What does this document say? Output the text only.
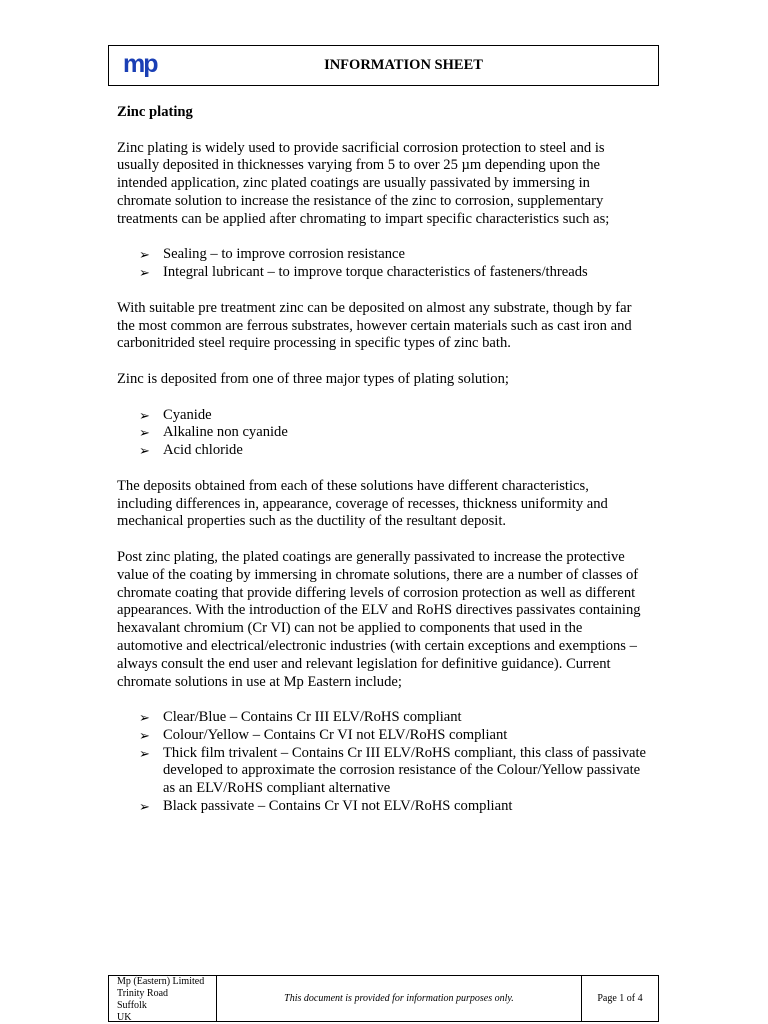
mp	INFORMATION SHEET
Zinc plating

Zinc plating is widely used to provide sacrificial corrosion protection to steel and is usually deposited in thicknesses varying from 5 to over 25 µm depending upon the intended application, zinc plated coatings are usually passivated by immersing in chromate solution to increase the resistance of the zinc to corrosion, supplementary treatments can be applied after chromating to impart specific characteristics such as;

➢ Sealing – to improve corrosion resistance
➢ Integral lubricant – to improve torque characteristics of fasteners/threads

With suitable pre treatment zinc can be deposited on almost any substrate, though by far the most common are ferrous substrates, however certain materials such as cast iron and carbonitrided steel require processing in specific types of zinc bath.

Zinc is deposited from one of three major types of plating solution;

➢ Cyanide
➢ Alkaline non cyanide
➢ Acid chloride

The deposits obtained from each of these solutions have different characteristics, including differences in, appearance, coverage of recesses, thickness uniformity and mechanical properties such as the ductility of the resultant deposit.

Post zinc plating, the plated coatings are generally passivated to increase the protective value of the coating by immersing in chromate solutions, there are a number of classes of chromate coating that provide differing levels of corrosion protection as well as different appearances. With the introduction of the ELV and RoHS directives passivates containing hexavalant chromium (Cr VI) can not be applied to components that used in the automotive and electrical/electronic industries (with certain exceptions and exemptions – always consult the end user and relevant legislation for definitive guidance). Current chromate solutions in use at Mp Eastern include;

➢ Clear/Blue – Contains Cr III ELV/RoHS compliant
➢ Colour/Yellow – Contains Cr VI not ELV/RoHS compliant
➢ Thick film trivalent – Contains Cr III ELV/RoHS compliant, this class of passivate developed to approximate the corrosion resistance of the Colour/Yellow passivate as an ELV/RoHS compliant alternative
➢ Black passivate – Contains Cr VI not ELV/RoHS compliant
Mp (Eastern) Limited
Trinity Road
Suffolk
UK
This document is provided for information purposes only.	Page 1 of 4
